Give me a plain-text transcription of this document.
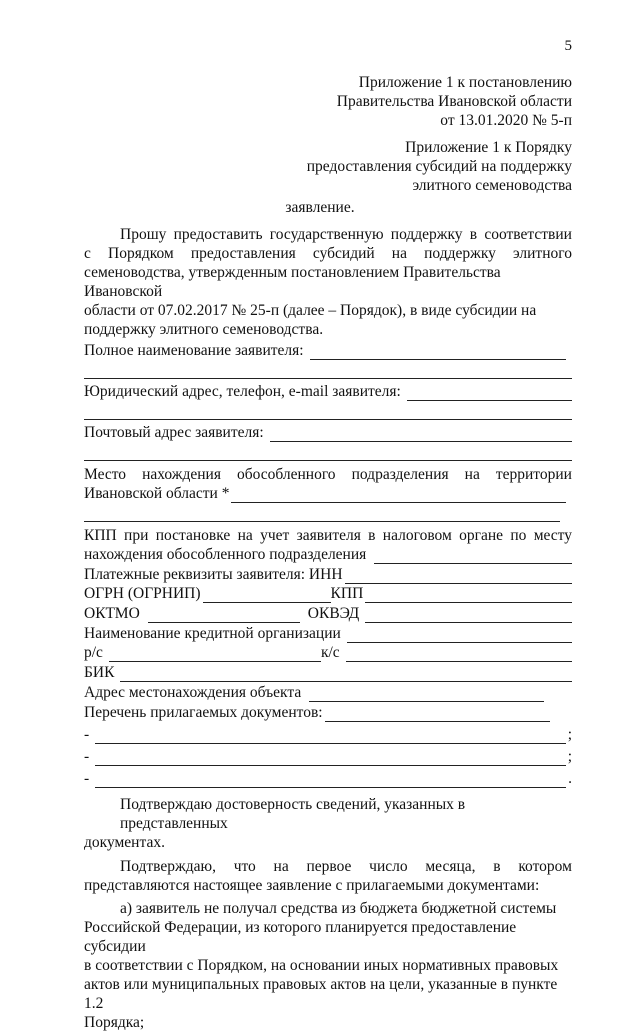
5
Приложение 1 к постановлению
Правительства Ивановской области
от 13.01.2020 № 5-п
Приложение 1 к Порядку
предоставления субсидий на поддержку
элитного семеноводства
заявление.
Прошу предоставить государственную поддержку в соответствии
с Порядком предоставления субсидий на поддержку элитного
семеноводства, утвержденным постановлением Правительства Ивановской
области от 07.02.2017 № 25-п (далее – Порядок), в виде субсидии на
поддержку элитного семеноводства.
Полное наименование заявителя:
Юридический адрес, телефон, e-mail заявителя:
Почтовый адрес заявителя:
Место нахождения обособленного подразделения на территории
Ивановской области *
КПП при постановке на учет заявителя в налоговом органе по месту
нахождения обособленного подразделения
Платежные реквизиты заявителя: ИНН
ОГРН (ОГРНИП)	КПП
ОКТМО	ОКВЭД
Наименование кредитной организации
р/с	к/с
БИК
Адрес местонахождения объекта
Перечень прилагаемых документов:
-	;
-	;
-	.
Подтверждаю достоверность сведений, указанных в представленных
документах.
Подтверждаю, что на первое число месяца, в котором
представляются настоящее заявление с прилагаемыми документами:
а) заявитель не получал средства из бюджета бюджетной системы
Российской Федерации, из которого планируется предоставление субсидии
в соответствии с Порядком, на основании иных нормативных правовых
актов или муниципальных правовых актов на цели, указанные в пункте 1.2
Порядка;
